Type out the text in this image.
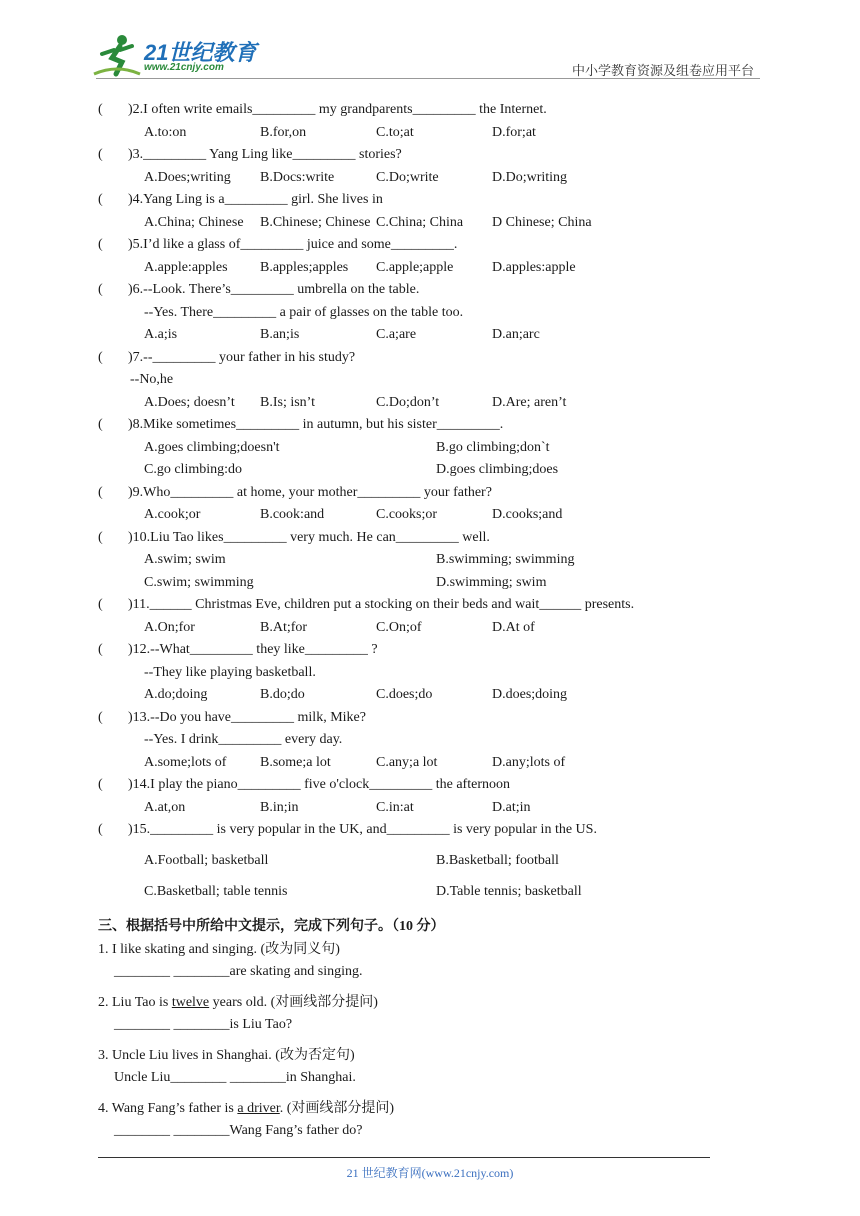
21世纪教育
www.21cnjy.com	中小学教育资源及组卷应用平台
(	)2.I often write emails_________ my grandparents_________ the Internet.
A.to:on	B.for,on	C.to;at	D.for;at
(	)3._________ Yang Ling like_________ stories?
A.Does;writing B.Docs:write	C.Do;write	D.Do;writing
(	)4.Yang Ling is a_________ girl. She lives in
A.China; Chinese B.Chinese; Chinese C.China; China D Chinese; China
(	)5.I’d like a glass of_________ juice and some_________.
A.apple:apples B.apples;apples C.apple;apple	D.apples:apple
(	)6.--Look. There’s_________ umbrella on the table.
--Yes. There_________ a pair of glasses on the table too.
A.a;is	B.an;is	C.a;are	D.an;arc
(	)7.--_________ your father in his study?
--No,he
A.Does; doesn’t B.Is; isn’t	C.Do;don’t	D.Are; aren’t
(	)8.Mike sometimes_________ in autumn, but his sister_________.
A.goes climbing;doesn't	B.go climbing;don`t
C.go climbing:do	D.goes climbing;does
(	)9.Who_________ at home, your mother_________ your father?
A.cook;or	B.cook:and	C.cooks;or	D.cooks;and
(	)10.Liu Tao likes_________ very much. He can_________ well.
A.swim; swim	B.swimming; swimming
C.swim; swimming	D.swimming; swim
(	)11.______ Christmas Eve, children put a stocking on their beds and wait______ presents.
A.On;for	B.At;for	C.On;of	D.At of
(	)12.--What_________ they like_________ ?
--They like playing basketball.
A.do;doing	B.do;do	C.does;do	D.does;doing
(	)13.--Do you have_________ milk, Mike?
--Yes. I drink_________ every day.
A.some;lots of B.some;a lot	C.any;a lot	D.any;lots of
(	)14.I play the piano_________ five o'clock_________ the afternoon
A.at,on	B.in;in	C.in:at	D.at;in
(	)15._________ is very popular in the UK, and_________ is very popular in the US.
A.Football; basketball	B.Basketball; football
C.Basketball; table tennis	D.Table tennis; basketball
三、根据括号中所给中文提示，完成下列句子。（10 分）
1. I like skating and singing. (改为同义句)
________ ________are skating and singing.
2. Liu Tao is twelve years old. (对画线部分提问)
________ ________is Liu Tao?
3. Uncle Liu lives in Shanghai. (改为否定句)
Uncle Liu________ ________in Shanghai.
4. Wang Fang’s father is a driver. (对画线部分提问)
________ ________Wang Fang’s father do?
21 世纪教育网(www.21cnjy.com)
